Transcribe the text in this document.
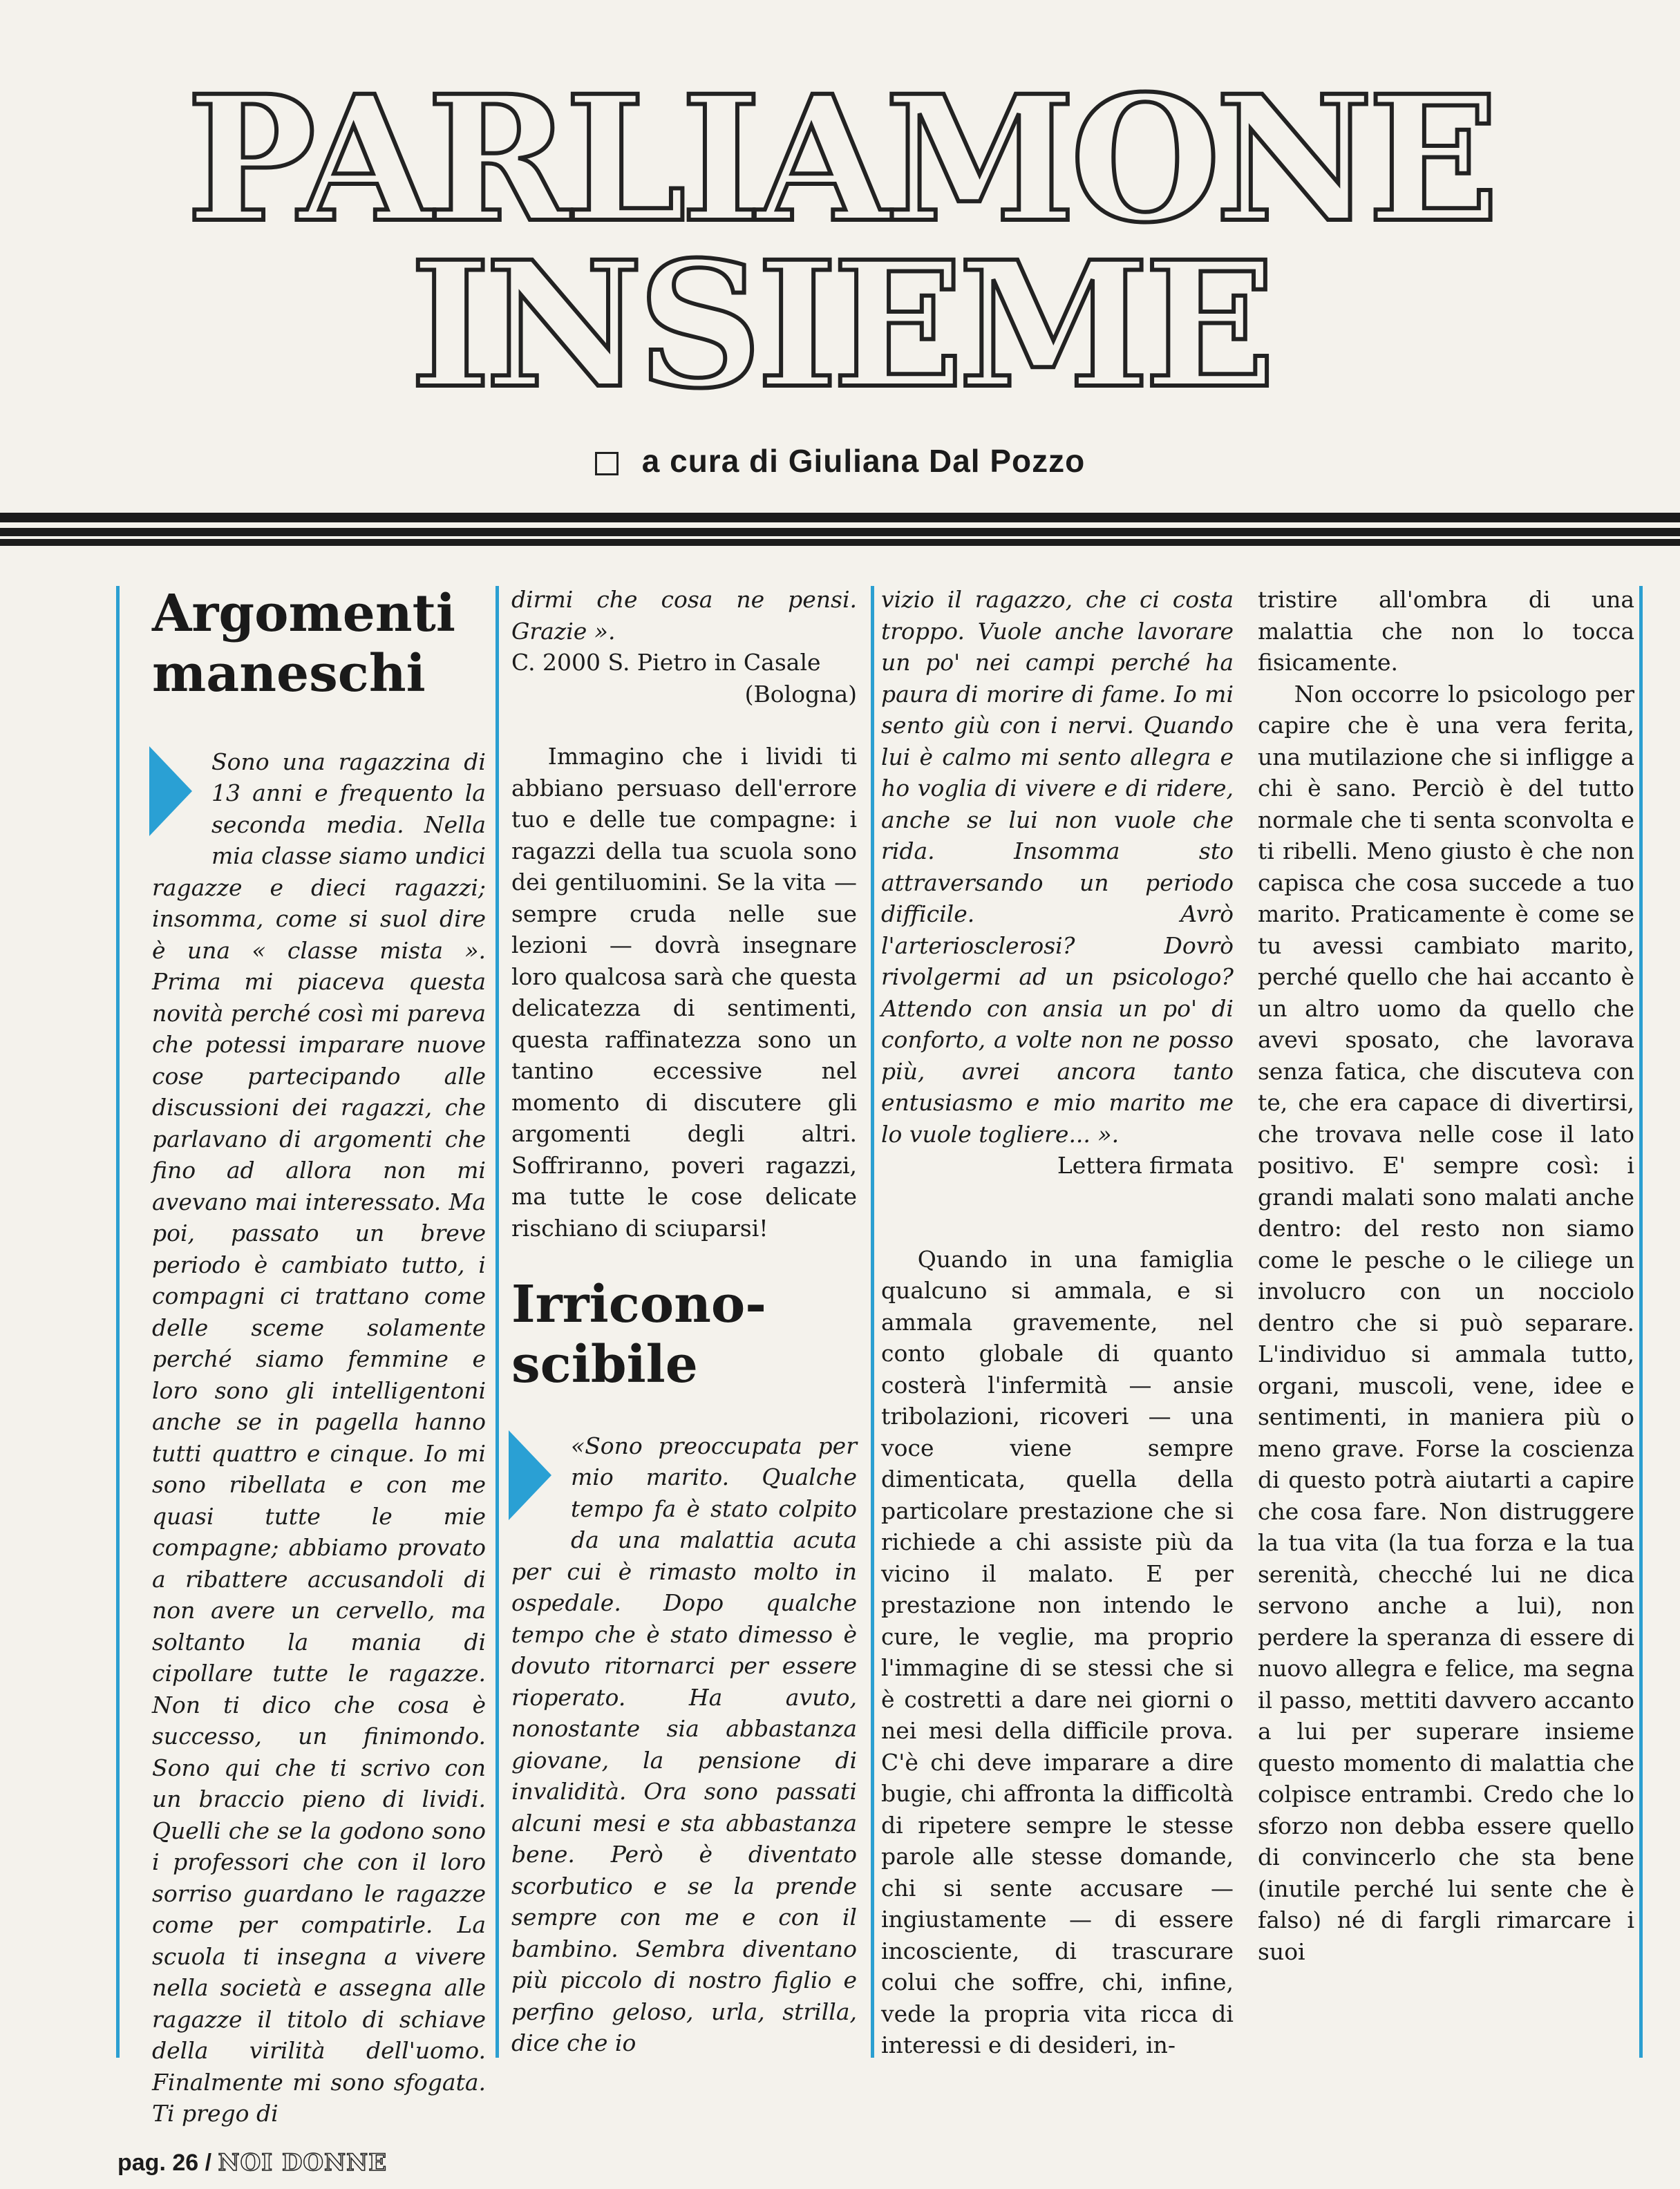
PARLIAMONE
INSIEME
a cura di Giuliana Dal Pozzo
Argomenti maneschi

Sono una ragazzina di 13 anni e frequento la seconda media. Nella mia classe siamo undici ragazze e dieci ragazzi; insomma, come si suol dire è una « classe mista ». Prima mi piaceva questa novità perché così mi pareva che potessi imparare nuove cose partecipando alle discussioni dei ragazzi, che parlavano di argomenti che fino ad allora non mi avevano mai interessato. Ma poi, passato un breve periodo è cambiato tutto, i compagni ci trattano come delle sceme solamente perché siamo femmine e loro sono gli intelligentoni anche se in pagella hanno tutti quattro e cinque. Io mi sono ribellata e con me quasi tutte le mie compagne; abbiamo provato a ribattere accusandoli di non avere un cervello, ma soltanto la mania di cipollare tutte le ragazze. Non ti dico che cosa è successo, un finimondo. Sono qui che ti scrivo con un braccio pieno di lividi. Quelli che se la godono sono i professori che con il loro sorriso guardano le ragazze come per compatirle. La scuola ti insegna a vivere nella società e assegna alle ragazze il titolo di schiave della virilità dell'uomo. Finalmente mi sono sfogata. Ti prego di

dirmi che cosa ne pensi. Grazie ».

C. 2000 S. Pietro in Casale

(Bologna)

Immagino che i lividi ti abbiano persuaso dell'errore tuo e delle tue compagne: i ragazzi della tua scuola sono dei gentiluomini. Se la vita — sempre cruda nelle sue lezioni — dovrà insegnare loro qualcosa sarà che questa delicatezza di sentimenti, questa raffinatezza sono un tantino eccessive nel momento di discutere gli argomenti degli altri. Soffriranno, poveri ragazzi, ma tutte le cose delicate rischiano di sciuparsi!

Irricono-
scibile

«Sono preoccupata per mio marito. Qualche tempo fa è stato colpito da una malattia acuta per cui è rimasto molto in ospedale. Dopo qualche tempo che è stato dimesso è dovuto ritornarci per essere rioperato. Ha avuto, nonostante sia abbastanza giovane, la pensione di invalidità. Ora sono passati alcuni mesi e sta abbastanza bene. Però è diventato scorbutico e se la prende sempre con me e con il bambino. Sembra diventano più piccolo di nostro figlio e perfino geloso, urla, strilla, dice che io

vizio il ragazzo, che ci costa troppo. Vuole anche lavorare un po' nei campi perché ha paura di morire di fame. Io mi sento giù con i nervi. Quando lui è calmo mi sento allegra e ho voglia di vivere e di ridere, anche se lui non vuole che rida. Insomma sto attraversando un periodo difficile. Avrò l'arteriosclerosi? Dovrò rivolgermi ad un psicologo? Attendo con ansia un po' di conforto, a volte non ne posso più, avrei ancora tanto entusiasmo e mio marito me lo vuole togliere... ».

Lettera firmata

Quando in una famiglia qualcuno si ammala, e si ammala gravemente, nel conto globale di quanto costerà l'infermità — ansie tribolazioni, ricoveri — una voce viene sempre dimenticata, quella della particolare prestazione che si richiede a chi assiste più da vicino il malato. E per prestazione non intendo le cure, le veglie, ma proprio l'immagine di se stessi che si è costretti a dare nei giorni o nei mesi della difficile prova. C'è chi deve imparare a dire bugie, chi affronta la difficoltà di ripetere sempre le stesse parole alle stesse domande, chi si sente accusare — ingiustamente — di essere incosciente, di trascurare colui che soffre, chi, infine, vede la propria vita ricca di interessi e di desideri, in-

tristire all'ombra di una malattia che non lo tocca fisicamente.

Non occorre lo psicologo per capire che è una vera ferita, una mutilazione che si infligge a chi è sano. Perciò è del tutto normale che ti senta sconvolta e ti ribelli. Meno giusto è che non capisca che cosa succede a tuo marito. Praticamente è come se tu avessi cambiato marito, perché quello che hai accanto è un altro uomo da quello che avevi sposato, che lavorava senza fatica, che discuteva con te, che era capace di divertirsi, che trovava nelle cose il lato positivo. E' sempre così: i grandi malati sono malati anche dentro: del resto non siamo come le pesche o le ciliege un involucro con un nocciolo dentro che si può separare. L'individuo si ammala tutto, organi, muscoli, vene, idee e sentimenti, in maniera più o meno grave. Forse la coscienza di questo potrà aiutarti a capire che cosa fare. Non distruggere la tua vita (la tua forza e la tua serenità, checché lui ne dica servono anche a lui), non perdere la speranza di essere di nuovo allegra e felice, ma segna il passo, mettiti davvero accanto a lui per superare insieme questo momento di malattia che colpisce entrambi. Credo che lo sforzo non debba essere quello di convincerlo che sta bene (inutile perché lui sente che è falso) né di fargli rimarcare i suoi

pag. 26 / NOI DONNE
